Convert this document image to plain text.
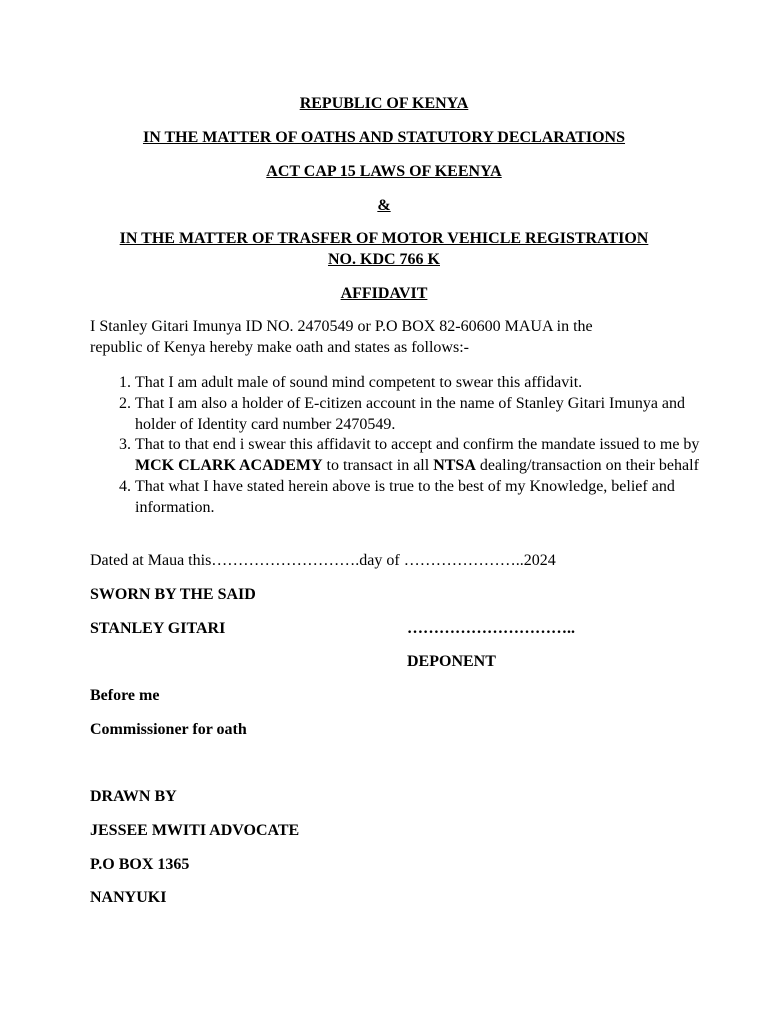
REPUBLIC OF KENYA
IN THE MATTER OF OATHS AND STATUTORY DECLARATIONS
ACT CAP 15 LAWS OF KEENYA
&
IN THE MATTER OF TRASFER OF MOTOR VEHICLE REGISTRATION
NO. KDC 766 K
AFFIDAVIT
I Stanley Gitari Imunya ID NO. 2470549 or P.O BOX 82-60600 MAUA in the
republic of Kenya hereby make oath and states as follows:-
1. That I am adult male of sound mind competent to swear this affidavit.
2. That I am also a holder of E-citizen account in the name of Stanley Gitari Imunya and holder of Identity card number 2470549.
3. That to that end i swear this affidavit to accept and confirm the mandate issued to me by MCK CLARK ACADEMY to transact in all NTSA dealing/transaction on their behalf
4. That what I have stated herein above is true to the best of my Knowledge, belief and information.
Dated at Maua this……………………….day of …………………..2024
SWORN BY THE SAID
STANLEY GITARI	…………………………..
DEPONENT
Before me
Commissioner for oath
DRAWN BY
JESSEE MWITI ADVOCATE
P.O BOX 1365
NANYUKI
